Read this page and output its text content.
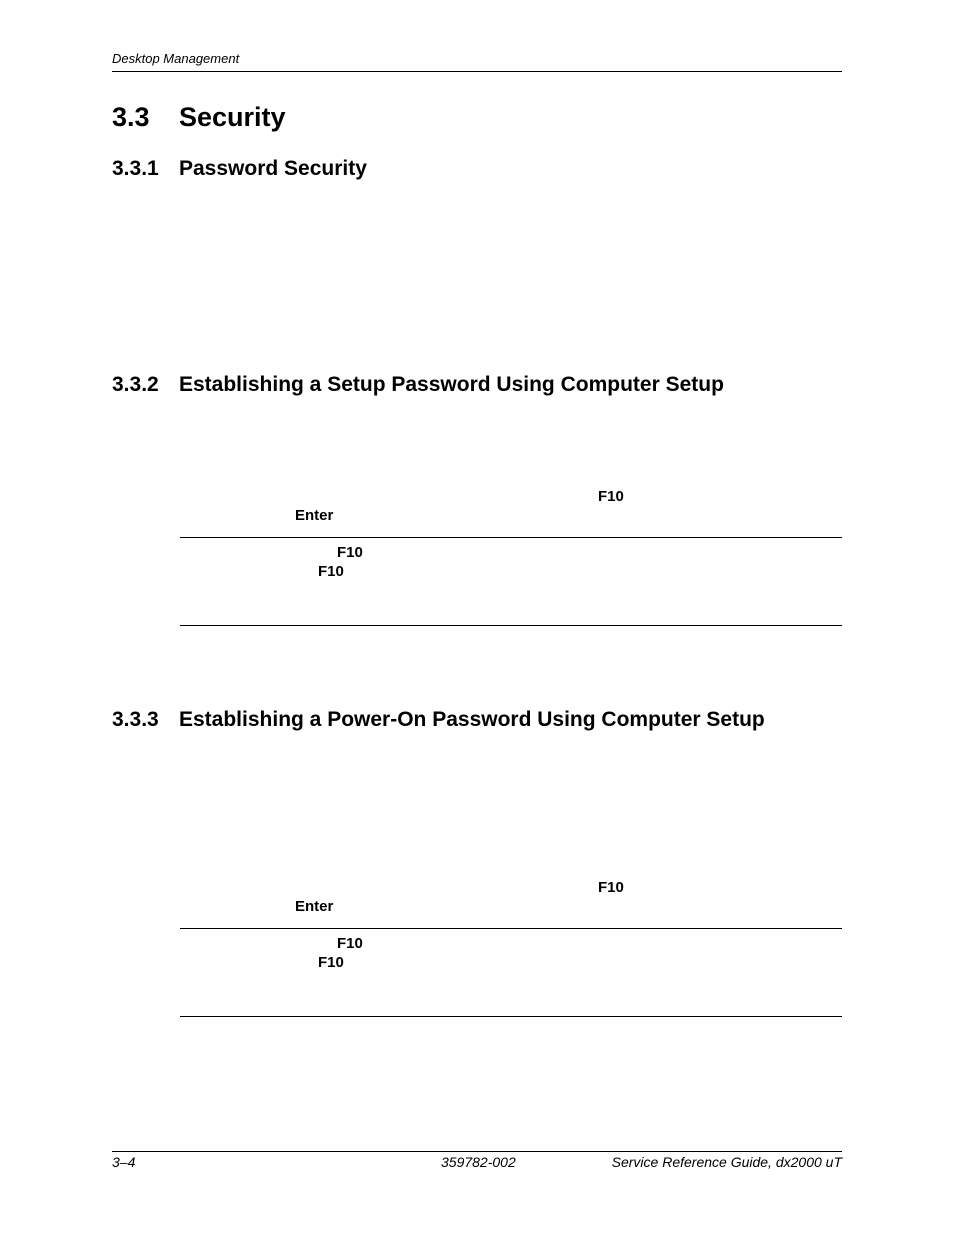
Desktop Management
3.3 Security
3.3.1 Password Security
3.3.2 Establishing a Setup Password Using Computer Setup
F10
Enter
F10
F10
3.3.3 Establishing a Power-On Password Using Computer Setup
F10
Enter
F10
F10
3–4	359782-002	Service Reference Guide, dx2000 uT
